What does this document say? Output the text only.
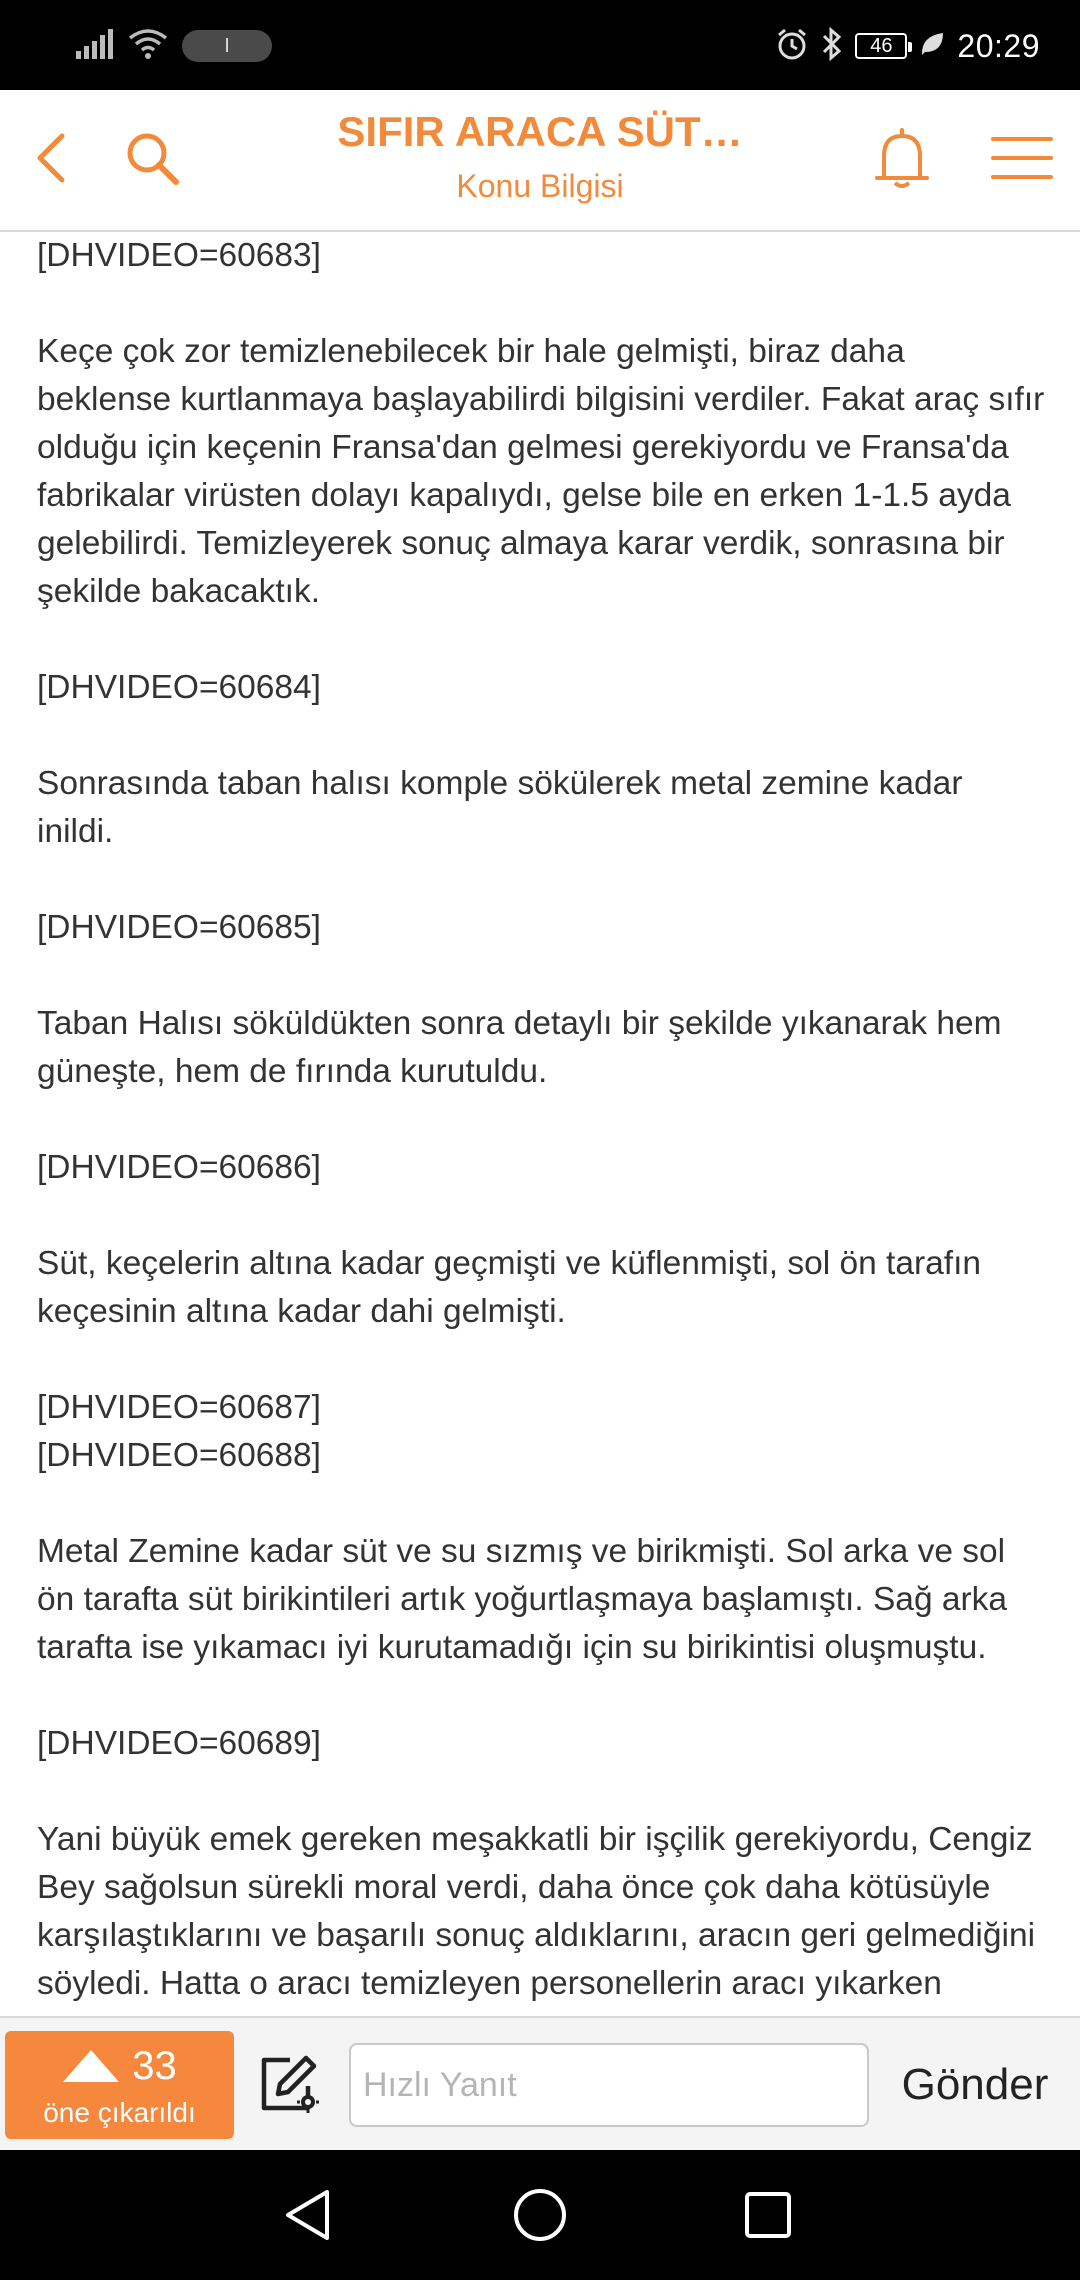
I	46 20:29
SIFIR ARACA SÜT…
Konu Bilgisi

[DHVIDEO=60683]

Keçe çok zor temizlenebilecek bir hale gelmişti, biraz daha beklense kurtlanmaya başlayabilirdi bilgisini verdiler. Fakat araç sıfır olduğu için keçenin Fransa'dan gelmesi gerekiyordu ve Fransa'da fabrikalar virüsten dolayı kapalıydı, gelse bile en erken 1-1.5 ayda gelebilirdi. Temizleyerek sonuç almaya karar verdik, sonrasına bir şekilde bakacaktık.

[DHVIDEO=60684]

Sonrasında taban halısı komple sökülerek metal zemine kadar inildi.

[DHVIDEO=60685]

Taban Halısı söküldükten sonra detaylı bir şekilde yıkanarak hem güneşte, hem de fırında kurutuldu.

[DHVIDEO=60686]

Süt, keçelerin altına kadar geçmişti ve küflenmişti, sol ön tarafın keçesinin altına kadar dahi gelmişti.

[DHVIDEO=60687]

[DHVIDEO=60688]

Metal Zemine kadar süt ve su sızmış ve birikmişti. Sol arka ve sol ön tarafta süt birikintileri artık yoğurtlaşmaya başlamıştı. Sağ arka tarafta ise yıkamacı iyi kurutamadığı için su birikintisi oluşmuştu.

[DHVIDEO=60689]

Yani büyük emek gereken meşakkatli bir işçilik gerekiyordu, Cengiz Bey sağolsun sürekli moral verdi, daha önce çok daha kötüsüyle karşılaştıklarını ve başarılı sonuç aldıklarını, aracın geri gelmediğini söyledi. Hatta o aracı temizleyen personellerin aracı yıkarken

33
öne çıkarıldı
Hızlı Yanıt
Gönder
